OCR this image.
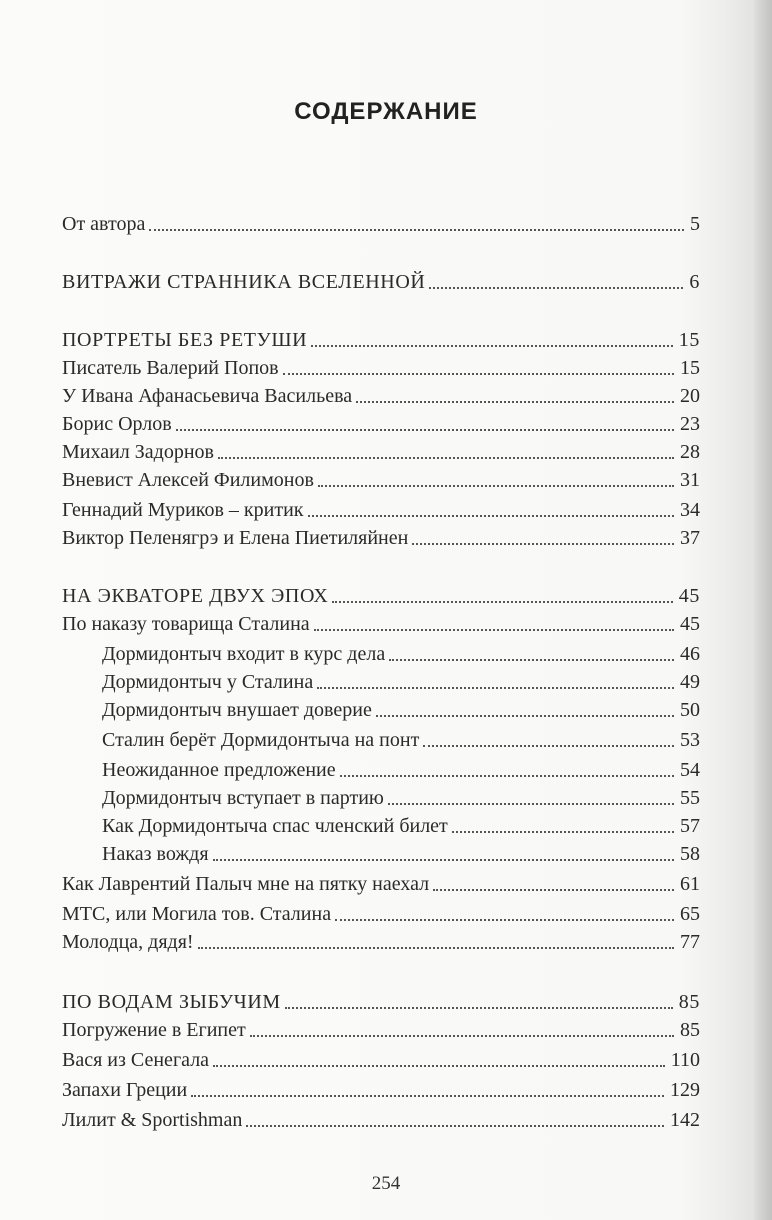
СОДЕРЖАНИЕ
От автора	5
ВИТРАЖИ СТРАННИКА ВСЕЛЕННОЙ	6
ПОРТРЕТЫ БЕЗ РЕТУШИ	15
Писатель Валерий Попов	15
У Ивана Афанасьевича Васильева	20
Борис Орлов	23
Михаил Задорнов	28
Вневист Алексей Филимонов	31
Геннадий Муриков – критик	34
Виктор Пеленягрэ и Елена Пиетиляйнен	37
НА ЭКВАТОРЕ ДВУХ ЭПОХ	45
По наказу товарища Сталина	45
Дормидонтыч входит в курс дела	46
Дормидонтыч у Сталина	49
Дормидонтыч внушает доверие	50
Сталин берёт Дормидонтыча на понт	53
Неожиданное предложение	54
Дормидонтыч вступает в партию	55
Как Дормидонтыча спас членский билет	57
Наказ вождя	58
Как Лаврентий Палыч мне на пятку наехал	61
МТС, или Могила тов. Сталина	65
Молодца, дядя!	77
ПО ВОДАМ ЗЫБУЧИМ	85
Погружение в Египет	85
Вася из Сенегала	110
Запахи Греции	129
Лилит & Sportishman	142
254
